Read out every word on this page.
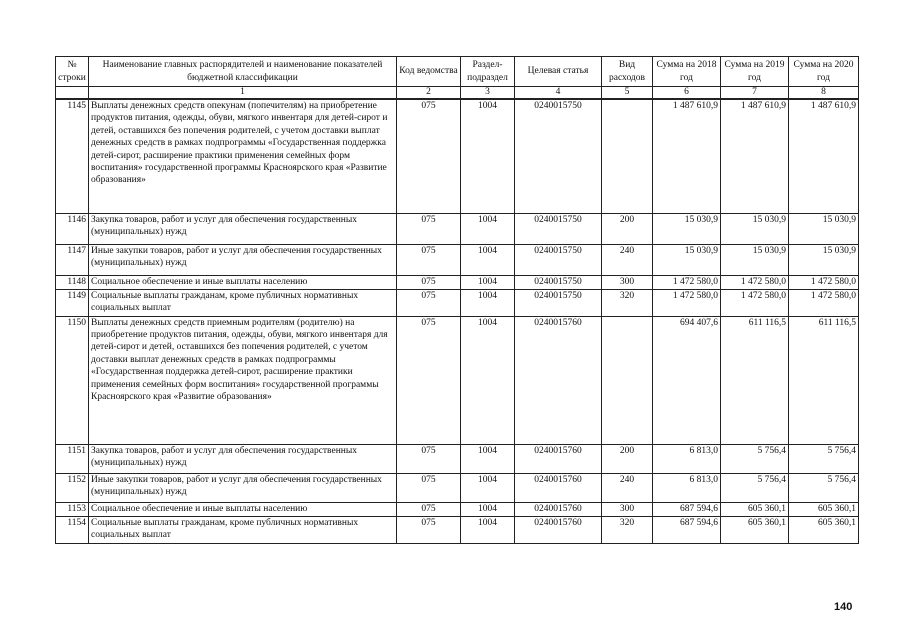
№ строки	Наименование главных распорядителей и наименование показателей бюджетной классификации	Код ведомства	Раздел-подраздел	Целевая статья	Вид расходов	Сумма на 2018 год	Сумма на 2019 год	Сумма на 2020 год
	1	2	3	4	5	6	7	8
1145	Выплаты денежных средств опекунам (попечителям) на приобретение продуктов питания, одежды, обуви, мягкого инвентаря для детей-сирот и детей, оставшихся без попечения родителей, с учетом доставки выплат денежных средств в рамках подпрограммы «Государственная поддержка детей-сирот, расширение практики применения семейных форм воспитания» государственной программы Красноярского края «Развитие образования»	075	1004	0240015750		1 487 610,9	1 487 610,9	1 487 610,9
1146	Закупка товаров, работ и услуг для обеспечения государственных (муниципальных) нужд	075	1004	0240015750	200	15 030,9	15 030,9	15 030,9
1147	Иные закупки товаров, работ и услуг для обеспечения государственных (муниципальных) нужд	075	1004	0240015750	240	15 030,9	15 030,9	15 030,9
1148	Социальное обеспечение и иные выплаты населению	075	1004	0240015750	300	1 472 580,0	1 472 580,0	1 472 580,0
1149	Социальные выплаты гражданам, кроме публичных нормативных социальных выплат	075	1004	0240015750	320	1 472 580,0	1 472 580,0	1 472 580,0
1150	Выплаты денежных средств приемным родителям (родителю) на приобретение продуктов питания, одежды, обуви, мягкого инвентаря для детей-сирот и детей, оставшихся без попечения родителей, с учетом доставки выплат денежных средств в рамках подпрограммы «Государственная поддержка детей-сирот, расширение практики применения семейных форм воспитания» государственной программы Красноярского края «Развитие образования»	075	1004	0240015760		694 407,6	611 116,5	611 116,5
1151	Закупка товаров, работ и услуг для обеспечения государственных (муниципальных) нужд	075	1004	0240015760	200	6 813,0	5 756,4	5 756,4
1152	Иные закупки товаров, работ и услуг для обеспечения государственных (муниципальных) нужд	075	1004	0240015760	240	6 813,0	5 756,4	5 756,4
1153	Социальное обеспечение и иные выплаты населению	075	1004	0240015760	300	687 594,6	605 360,1	605 360,1
1154	Социальные выплаты гражданам, кроме публичных нормативных социальных выплат	075	1004	0240015760	320	687 594,6	605 360,1	605 360,1
140
